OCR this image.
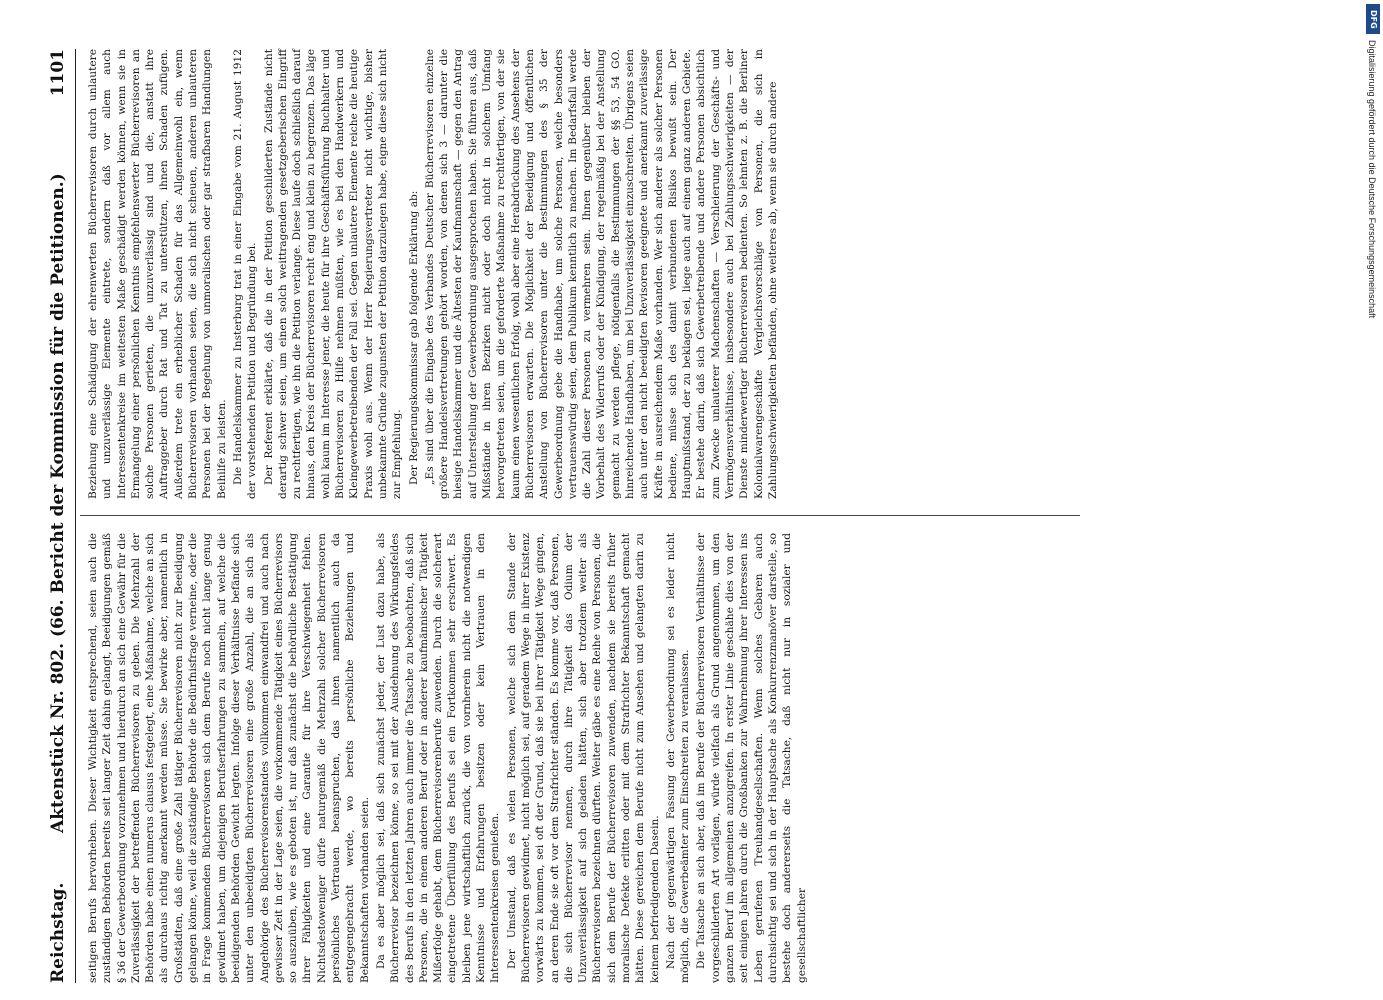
Reichstag.
Aktenstück Nr. 802. (66. Bericht der Kommission für die Petitionen.)
1101

seitigen Berufs hervorheben. Dieser Wichtigkeit entsprechend, seien auch die zuständigen Behörden bereits seit langer Zeit dahin gelangt, Beeidigungen gemäß § 36 der Gewerbeordnung vorzunehmen und hierdurch an sich eine Gewähr für die Zuverlässigkeit der betreffenden Bücherrevisoren zu geben. Die Mehrzahl der Behörden habe einen numerus clausus festgelegt, eine Maßnahme, welche an sich als durchaus richtig anerkannt werden müsse. Sie bewirke aber, namentlich in Großstädten, daß eine große Zahl tätiger Bücherrevisoren nicht zur Beeidigung gelangen könne, weil die zuständige Behörde die Bedürfnisfrage verneine, oder die in Frage kommenden Bücherrevisoren sich dem Berufe noch nicht lange genug gewidmet haben, um diejenigen Berufserfahrungen zu sammeln, auf welche die beeidigenden Behörden Gewicht legten. Infolge dieser Verhältnisse befände sich unter den unbeeidigten Bücherrevisoren eine große Anzahl, die an sich als Angehörige des Bücherrevisorenstandes vollkommen einwandfrei und auch nach gewisser Zeit in der Lage seien, die vorkommende Tätigkeit eines Bücherrevisors so auszuüben, wie es geboten ist, nur daß zunächst die behördliche Bestätigung ihrer Fähigkeiten und eine Garantie für ihre Verschwiegenheit fehlen. Nichtsdestoweniger dürfe naturgemäß die Mehrzahl solcher Bücherrevisoren persönliches Vertrauen beanspruchen, das ihnen namentlich auch da entgegengebracht werde, wo bereits persönliche Beziehungen und Bekanntschaften vorhanden seien. Da es aber möglich sei, daß sich zunächst jeder, der Lust dazu habe, als Bücherrevisor bezeichnen könne, so sei mit der Ausdehnung des Wirkungsfeldes des Berufs in den letzten Jahren auch immer die Tatsache zu beobachten, daß sich Personen, die in einem anderen Beruf oder in anderer kaufmännischer Tätigkeit Mißerfolge gehabt, dem Bücherrevisorenberufe zuwenden. Durch die solcherart eingetretene Überfüllung des Berufs sei ein Fortkommen sehr erschwert. Es bleiben jene wirtschaftlich zurück, die von vornherein nicht die notwendigen Kenntnisse und Erfahrungen besitzen oder kein Vertrauen in den Interessentenkreisen genießen. Der Umstand, daß es vielen Personen, welche sich dem Stande der Bücherrevisoren gewidmet, nicht möglich sei, auf geradem Wege in ihrer Existenz vorwärts zu kommen, sei oft der Grund, daß sie bei ihrer Tätigkeit Wege gingen, an deren Ende sie oft vor dem Strafrichter ständen. Es komme vor, daß Personen, die sich Bücherrevisor nennen, durch ihre Tätigkeit das Odium der Unzuverlässigkeit auf sich geladen hätten, sich aber trotzdem weiter als Bücherrevisoren bezeichnen dürften. Weiter gäbe es eine Reihe von Personen, die sich dem Berufe der Bücherrevisoren zuwenden, nachdem sie bereits früher moralische Defekte erlitten oder mit dem Strafrichter Bekanntschaft gemacht hätten. Diese gereichen dem Berufe nicht zum Ansehen und gelangten darin zu keinem befriedigenden Dasein. Nach der gegenwärtigen Fassung der Gewerbeordnung sei es leider nicht möglich, die Gewerbeämter zum Einschreiten zu veranlassen. Die Tatsache an sich aber, daß im Berufe der Bücherrevisoren Verhältnisse der vorgeschilderten Art vorlägen, würde vielfach als Grund angenommen, um den ganzen Beruf im allgemeinen anzugreifen. In erster Linie geschähe dies von der seit einigen Jahren durch die Großbanken zur Wahrnehmung ihrer Interessen ins Leben gerufenen Treuhandgesellschaften. Wenn solches Gebaren auch durchsichtig sei und sich in der Hauptsache als Konkurrenzmanöver darstelle, so bestehe doch andererseits die Tatsache, daß nicht nur in sozialer und gesellschaftlicher

Beziehung eine Schädigung der ehrenwerten Bücherrevisoren durch unlautere und unzuverlässige Elemente eintrete, sondern daß vor allem auch Interessentenkreise im weitesten Maße geschädigt werden können, wenn sie in Ermangelung einer persönlichen Kenntnis empfehlenswerter Bücherrevisoren an solche Personen gerieten, die unzuverlässig sind und die, anstatt ihre Auftraggeber durch Rat und Tat zu unterstützen, ihnen Schaden zufügen. Außerdem trete ein erheblicher Schaden für das Allgemeinwohl ein, wenn Bücherrevisoren vorhanden seien, die sich nicht scheuen, anderen unlauteren Personen bei der Begehung von unmoralischen oder gar strafbaren Handlungen Beihilfe zu leisten. Die Handelskammer zu Insterburg trat in einer Eingabe vom 21. August 1912 der vorstehenden Petition und Begründung bei. Der Referent erklärte, daß die in der Petition geschilderten Zustände nicht derartig schwer seien, um einen solch weittragenden gesetzgeberischen Eingriff zu rechtfertigen, wie ihn die Petition verlange. Diese laufe doch schließlich darauf hinaus, den Kreis der Bücherrevisoren recht eng und klein zu begrenzen. Das läge wohl kaum im Interesse jener, die heute für ihre Geschäftsführung Buchhalter und Bücherrevisoren zu Hilfe nehmen müßten, wie es bei den Handwerkern und Kleingewerbetreibenden der Fall sei. Gegen unlautere Elemente reiche die heutige Praxis wohl aus. Wenn der Herr Regierungsvertreter nicht wichtige, bisher unbekannte Gründe zugunsten der Petition darzulegen habe, eigne diese sich nicht zur Empfehlung. Der Regierungskommissar gab folgende Erklärung ab: „Es sind über die Eingabe des Verbandes Deutscher Bücherrevisoren einzelne größere Handelsvertretungen gehört worden, von denen sich 3 — darunter die hiesige Handelskammer und die Ältesten der Kaufmannschaft — gegen den Antrag auf Unterstellung der Gewerbeordnung ausgesprochen haben. Sie führen aus, daß Mißstände in ihren Bezirken nicht oder doch nicht in solchem Umfang hervorgetreten seien, um die geforderte Maßnahme zu rechtfertigen, von der sie kaum einen wesentlichen Erfolg, wohl aber eine Herabdrückung des Ansehens der Bücherrevisoren erwarten. Die Möglichkeit der Beeidigung und öffentlichen Anstellung von Bücherrevisoren unter die Bestimmungen des § 35 der Gewerbeordnung gebe die Handhabe, um solche Personen, welche besonders vertrauenswürdig seien, dem Publikum kenntlich zu machen. Im Bedarfsfall werde die Zahl dieser Personen zu vermehren sein. Ihnen gegenüber bleiben der Vorbehalt des Widerrufs oder der Kündigung, der regelmäßig bei der Anstellung gemacht zu werden pflege, nötigenfalls die Bestimmungen der §§ 53, 54 GO. hinreichende Handhaben, um bei Unzuverlässigkeit einzuschreiten. Übrigens seien auch unter den nicht beeidigten Revisoren geeignete und anerkannt zuverlässige Kräfte in ausreichendem Maße vorhanden. Wer sich anderer als solcher Personen bediene, müsse sich des damit verbundenen Risikos bewußt sein. Der Hauptmißstand, der zu beklagen sei, liege auch auf einem ganz anderen Gebiete. Er bestehe darin, daß sich Gewerbetreibende und andere Personen absichtlich zum Zwecke unlauterer Machenschaften — Verschleierung der Geschäfts- und Vermögensverhältnisse, insbesondere auch bei Zahlungsschwierigkeiten — der Dienste minderwertiger Bücherrevisoren bedienten. So lehnten z. B. die Berliner Kolonialwarengeschäfte Vergleichsvorschläge von Personen, die sich in Zahlungsschwierigkeiten befänden, ohne weiteres ab, wenn sie durch andere

DFG
Digitalisierung gefördert durch die Deutsche Forschungsgemeinschaft
